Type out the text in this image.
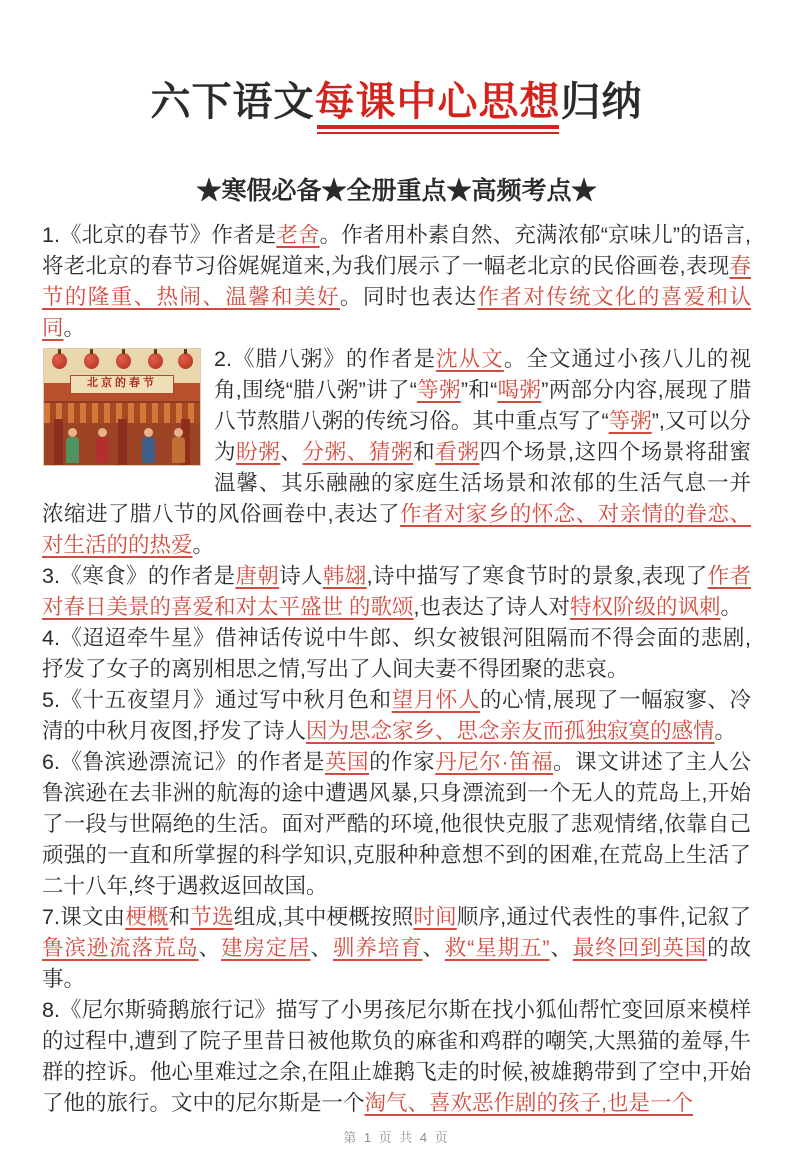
六下语文每课中心思想归纳
★寒假必备★全册重点★高频考点★

1.《北京的春节》作者是老舍。作者用朴素自然、充满浓郁“京味儿”的语言,将老北京的春节习俗娓娓道来,为我们展示了一幅老北京的民俗画卷,表现春节的隆重、热闹、温馨和美好。同时也表达作者对传统文化的喜爱和认同。

北京的春节
2.《腊八粥》的作者是沈从文。全文通过小孩八儿的视角,围绕“腊八粥”讲了“等粥”和“喝粥”两部分内容,展现了腊八节熬腊八粥的传统习俗。其中重点写了“等粥”,又可以分为盼粥、分粥、猜粥和看粥四个场景,这四个场景将甜蜜温馨、其乐融融的家庭生活场景和浓郁的生活气息一并浓缩进了腊八节的风俗画卷中,表达了作者对家乡的怀念、对亲情的眷恋、对生活的的热爱。

3.《寒食》的作者是唐朝诗人韩翃,诗中描写了寒食节时的景象,表现了作者对春日美景的喜爱和对太平盛世 的歌颂,也表达了诗人对特权阶级的讽刺。

4.《迢迢牵牛星》借神话传说中牛郎、织女被银河阻隔而不得会面的悲剧,抒发了女子的离别相思之情,写出了人间夫妻不得团聚的悲哀。

5.《十五夜望月》通过写中秋月色和望月怀人的心情,展现了一幅寂寥、冷清的中秋月夜图,抒发了诗人因为思念家乡、思念亲友而孤独寂寞的感情。

6.《鲁滨逊漂流记》的作者是英国的作家丹尼尔·笛福。课文讲述了主人公鲁滨逊在去非洲的航海的途中遭遇风暴,只身漂流到一个无人的荒岛上,开始了一段与世隔绝的生活。面对严酷的环境,他很快克服了悲观情绪,依靠自己顽强的一直和所掌握的科学知识,克服种种意想不到的困难,在荒岛上生活了二十八年,终于遇救返回故国。

7.课文由梗概和节选组成,其中梗概按照时间顺序,通过代表性的事件,记叙了鲁滨逊流落荒岛、建房定居、驯养培育、救“星期五”、最终回到英国的故事。

8.《尼尔斯骑鹅旅行记》描写了小男孩尼尔斯在找小狐仙帮忙变回原来模样的过程中,遭到了院子里昔日被他欺负的麻雀和鸡群的嘲笑,大黑猫的羞辱,牛群的控诉。他心里难过之余,在阻止雄鹅飞走的时候,被雄鹅带到了空中,开始了他的旅行。文中的尼尔斯是一个淘气、喜欢恶作剧的孩子,也是一个

第 1 页 共 4 页
